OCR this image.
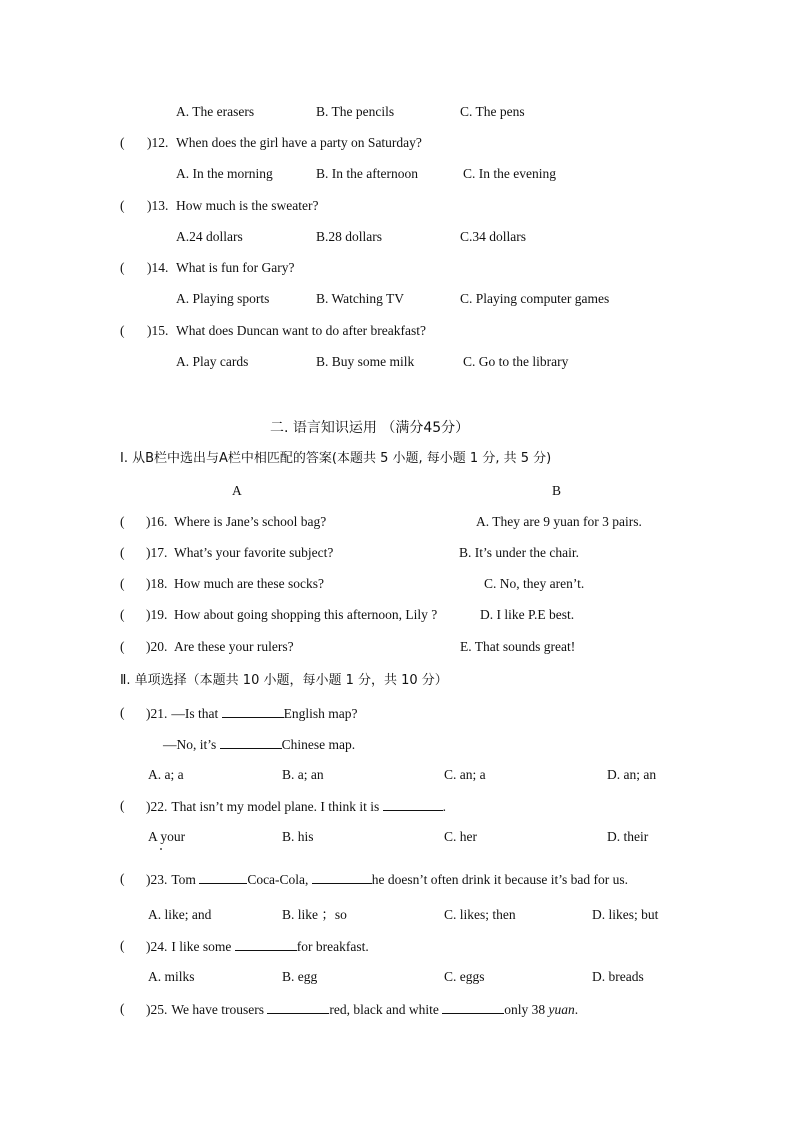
A. The erasers	B. The pencils	C. The pens
( )12. When does the girl have a party on Saturday?
A. In the morning	B. In the afternoon	C. In the evening
( )13. How much is the sweater?
A.24 dollars	B.28 dollars	C.34 dollars
( )14. What is fun for Gary?
A. Playing sports	B. Watching TV	C. Playing computer games
( )15. What does Duncan want to do after breakfast?
A. Play cards	B. Buy some milk	C. Go to the library
二. 语言知识运用 （满分45分）
Ⅰ. 从B栏中选出与A栏中相匹配的答案(本题共 5 小题, 每小题 1 分, 共 5 分)
A	B
( )16. Where is Jane’s school bag?	A. They are 9 yuan for 3 pairs.
( )17. What’s your favorite subject?	B. It’s under the chair.
( )18. How much are these socks?	C. No, they aren’t.
( )19. How about going shopping this afternoon, Lily ?	D. I like P.E best.
( )20. Are these your rulers?	E. That sounds great!
Ⅱ. 单项选择（本题共 10 小题，每小题 1 分，共 10 分）
( )21. —Is that	English map?
—No, it’s	Chinese map.
A. a; a	B. a; an	C. an; a	D. an; an
( )22. That isn’t my model plane. I think it is	.
A your	B. his	C. her	D. their
( )23. Tom	Coca-Cola,	he doesn’t often drink it because it’s bad for us.
A. like; and	B. like ；so	C. likes; then	D. likes; but
( )24. I like some	for breakfast.
A. milks	B. egg	C. eggs	D. breads
( )25. We have trousers	red, black and white	only 38 yuan.
